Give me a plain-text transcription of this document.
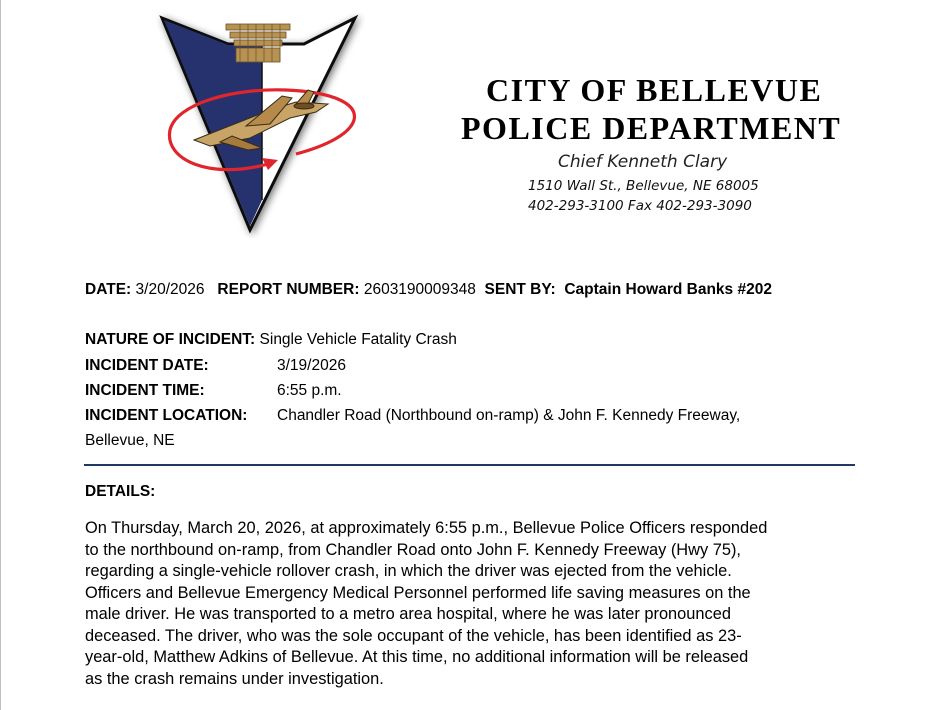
CITY OF BELLEVUE
POLICE DEPARTMENT
Chief Kenneth Clary
1510 Wall St., Bellevue, NE 68005
402-293-3100 Fax 402-293-3090
DATE: 3/20/2026 REPORT NUMBER: 2603190009348 SENT BY: Captain Howard Banks #202
NATURE OF INCIDENT: Single Vehicle Fatality Crash
INCIDENT DATE:	3/19/2026
INCIDENT TIME:	6:55 p.m.
INCIDENT LOCATION: Chandler Road (Northbound on-ramp) & John F. Kennedy Freeway,
Bellevue, NE
DETAILS:
On Thursday, March 20, 2026, at approximately 6:55 p.m., Bellevue Police Officers responded
to the northbound on-ramp, from Chandler Road onto John F. Kennedy Freeway (Hwy 75),
regarding a single-vehicle rollover crash, in which the driver was ejected from the vehicle.
Officers and Bellevue Emergency Medical Personnel performed life saving measures on the
male driver. He was transported to a metro area hospital, where he was later pronounced
deceased. The driver, who was the sole occupant of the vehicle, has been identified as 23-
year-old, Matthew Adkins of Bellevue. At this time, no additional information will be released
as the crash remains under investigation.
